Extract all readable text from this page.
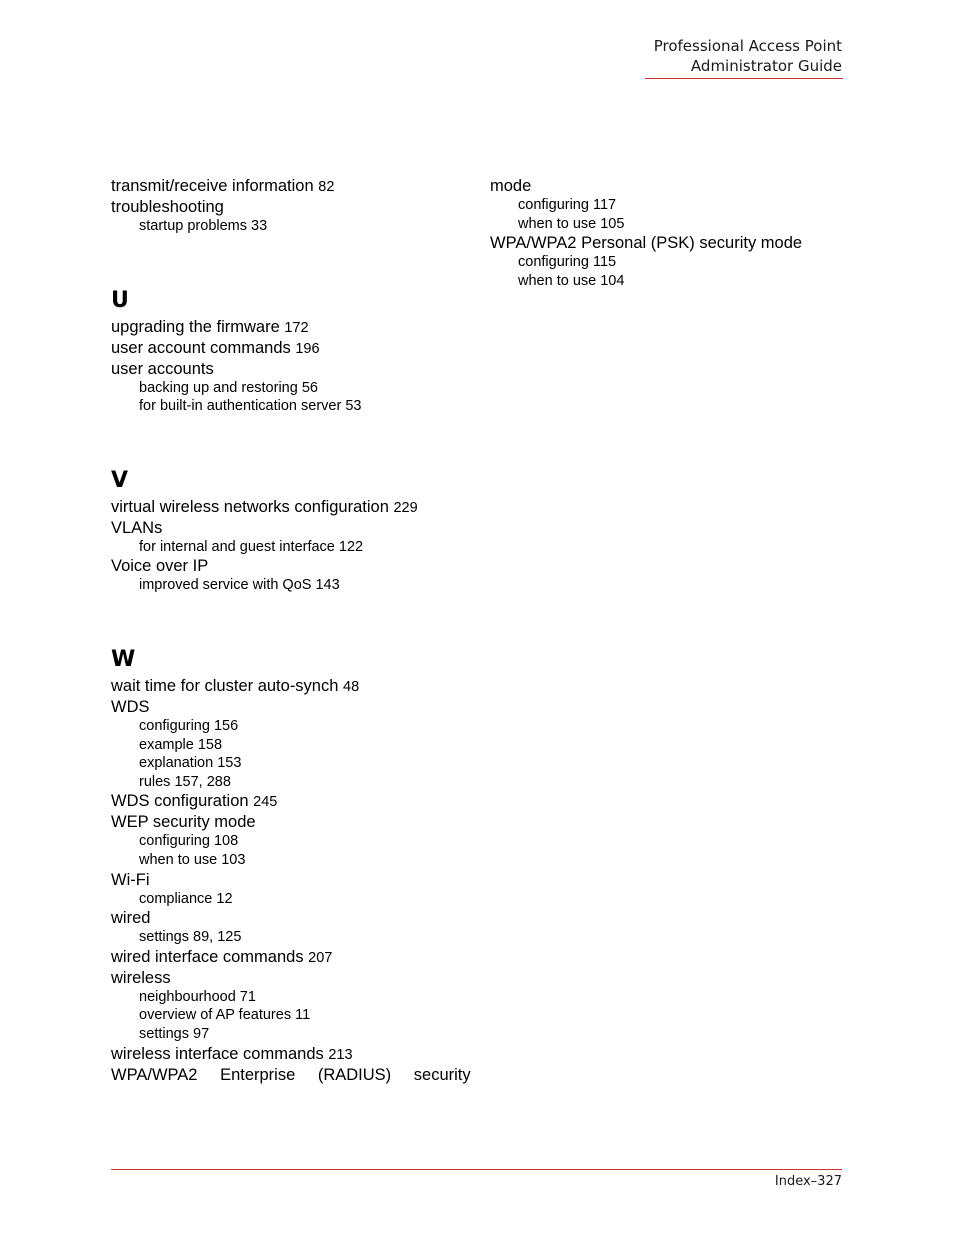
Professional Access Point
Administrator Guide
transmit/receive information 82
troubleshooting
startup problems 33
U
upgrading the firmware 172
user account commands 196
user accounts
backing up and restoring 56
for built-in authentication server 53
V
virtual wireless networks configuration 229
VLANs
for internal and guest interface 122
Voice over IP
improved service with QoS 143
W
wait time for cluster auto-synch 48
WDS
configuring 156
example 158
explanation 153
rules 157, 288
WDS configuration 245
WEP security mode
configuring 108
when to use 103
Wi-Fi
compliance 12
wired
settings 89, 125
wired interface commands 207
wireless
neighbourhood 71
overview of AP features 11
settings 97
wireless interface commands 213
WPA/WPA2 Enterprise (RADIUS) security
mode
configuring 117
when to use 105
WPA/WPA2 Personal (PSK) security mode
configuring 115
when to use 104
Index–327
